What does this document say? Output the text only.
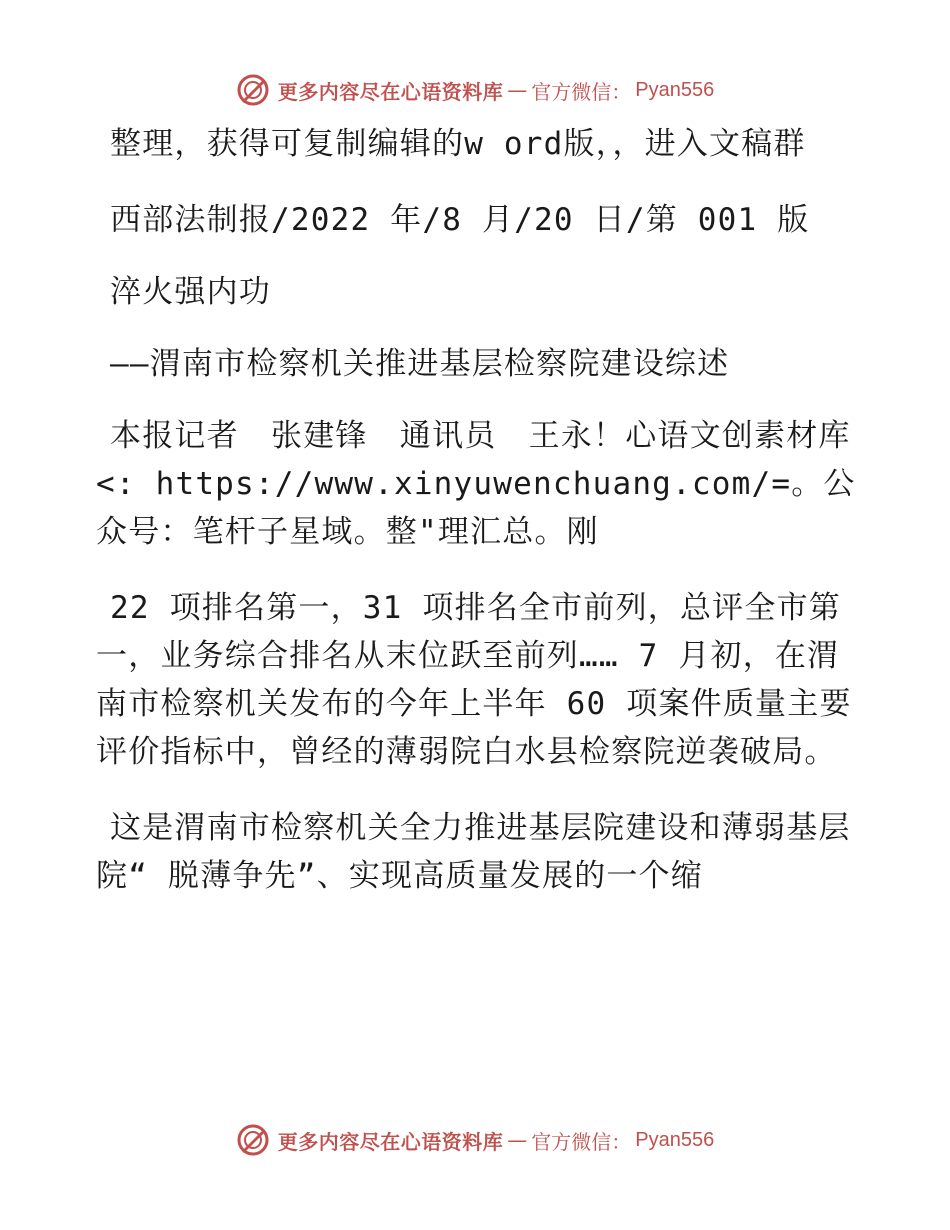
更多内容尽在心语资料库 — 官方微信： Pyan556

整理，获得可复制编辑的w ord版，，进入文稿群

西部法制报/2022 年/8 月/20 日/第 001 版

淬火强内功

——渭南市检察机关推进基层检察院建设综述

本报记者　张建锋　通讯员　王永！心语文创素材库<: https://www.xinyuwenchuang.com/=。公众号：笔杆子星域。整"理汇总。刚

22 项排名第一，31 项排名全市前列，总评全市第一，业务综合排名从末位跃至前列…… 7 月初，在渭南市检察机关发布的今年上半年 60 项案件质量主要评价指标中，曾经的薄弱院白水县检察院逆袭破局。

这是渭南市检察机关全力推进基层院建设和薄弱基层院“ 脱薄争先”、实现高质量发展的一个缩

更多内容尽在心语资料库 — 官方微信： Pyan556
